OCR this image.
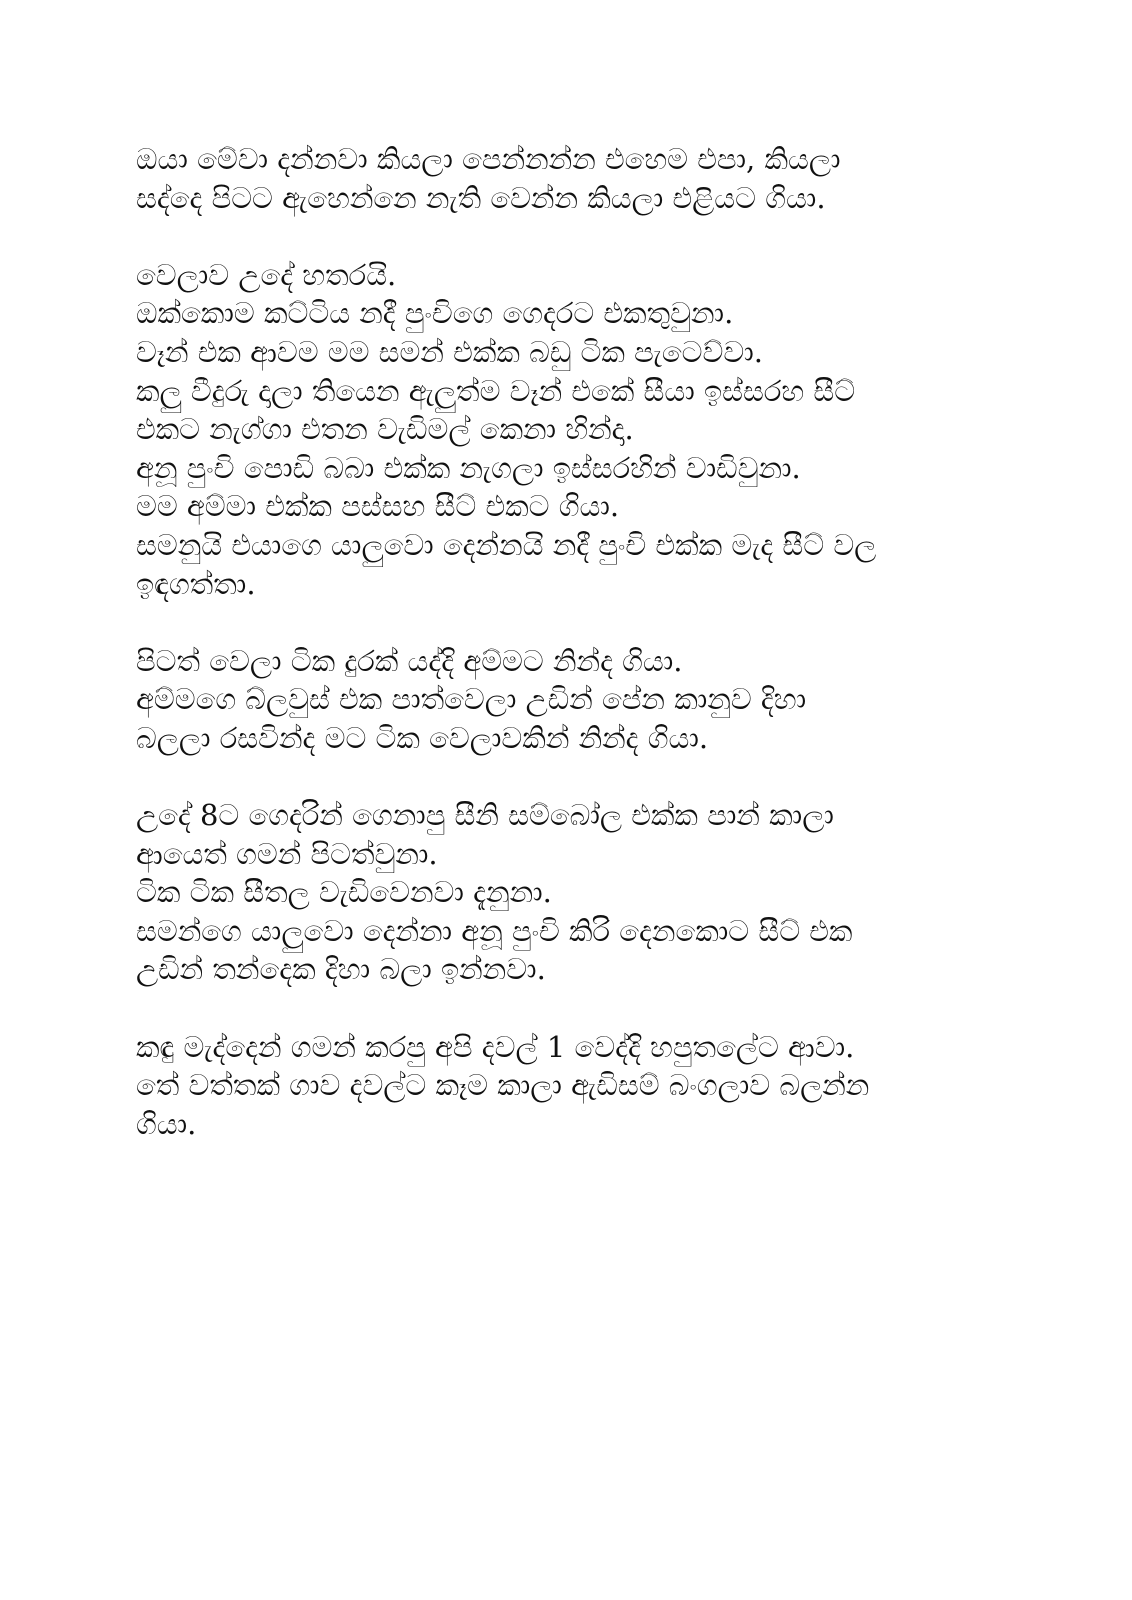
ඔයා මේවා දන්නවා කියලා පෙන්නන්න එහෙම එපා, කියලා
සද්දෙ පිටට ඇහෙන්නෙ නැති වෙන්න කියලා එළියට ගියා.

වෙලාව උදේ හතරයි.
ඔක්කොම කට්ටිය නදී පුංචිගෙ ගෙදරට එකතුවුනා.
වෑන් එක ආවම මම සමන් එක්ක බඩු ටික පැටෙව්වා.
කලු වීදුරු දාලා තියෙන ඇලුත්ම වෑන් එකේ සීයා ඉස්සරහ සීට්
එකට නැග්ගා එතන වැඩිමල් කෙනා හින්දා.
අනූ පුංචි පොඩි බබා එක්ක නැගලා ඉස්සරහින් වාඩිවුනා.
මම අම්මා එක්ක පස්සහ සීට් එකට ගියා.
සමනුයි එයාගෙ යාලුවො දෙන්නයි නදී පුංචි එක්ක මැද සීට් වල
ඉඳගත්තා.

පිටත් වෙලා ටික දුරක් යද්දි අම්මට නින්ද ගියා.
අම්මගෙ බ්ලවුස් එක පාත්වෙලා උඩින් පේන කානුව දිහා
බලලා රසවින්ද මට ටික වෙලාවකින් නින්ද ගියා.

උදේ 8ට ගෙදරින් ගෙනාපු සීනි සම්බෝල එක්ක පාන් කාලා
ආයෙත් ගමන් පිටත්වුනා.
ටික ටික සීතල වැඩිවෙනවා දැනුනා.
සමන්ගෙ යාලුවො දෙන්නා අනූ පුංචි කිරි දෙනකොට සීට් එක
උඩින් තන්දෙක දිහා බලා ඉන්නවා.

කඳු මැද්දෙන් ගමන් කරපු අපි දවල් 1 වෙද්දි හපුතලේට ආවා.
තේ වත්තක් ගාව දවල්ට කෑම කාලා ඇඩිසම් බංගලාව බලන්න
ගියා.
